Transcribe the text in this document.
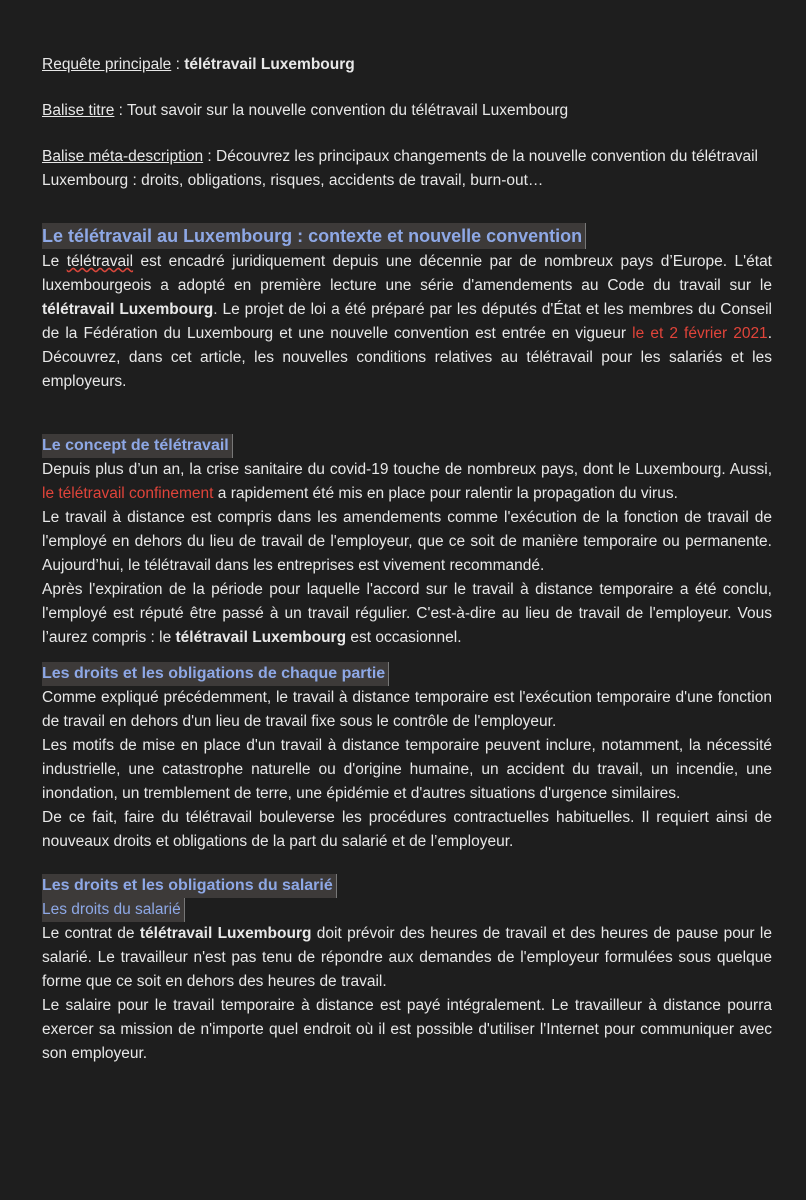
Requête principale : télétravail Luxembourg

Balise titre : Tout savoir sur la nouvelle convention du télétravail Luxembourg

Balise méta-description : Découvrez les principaux changements de la nouvelle convention du télétravail Luxembourg : droits, obligations, risques, accidents de travail, burn-out…

Le télétravail au Luxembourg : contexte et nouvelle convention

Le télétravail est encadré juridiquement depuis une décennie par de nombreux pays d’Europe. L'état luxembourgeois a adopté en première lecture une série d'amendements au Code du travail sur le télétravail Luxembourg. Le projet de loi a été préparé par les députés d'État et les membres du Conseil de la Fédération du Luxembourg et une nouvelle convention est entrée en vigueur le et 2 février 2021. Découvrez, dans cet article, les nouvelles conditions relatives au télétravail pour les salariés et les employeurs.

Le concept de télétravail

Depuis plus d’un an, la crise sanitaire du covid-19 touche de nombreux pays, dont le Luxembourg. Aussi, le télétravail confinement a rapidement été mis en place pour ralentir la propagation du virus.

Le travail à distance est compris dans les amendements comme l'exécution de la fonction de travail de l'employé en dehors du lieu de travail de l'employeur, que ce soit de manière temporaire ou permanente. Aujourd’hui, le télétravail dans les entreprises est vivement recommandé.

Après l'expiration de la période pour laquelle l'accord sur le travail à distance temporaire a été conclu, l'employé est réputé être passé à un travail régulier. C'est-à-dire au lieu de travail de l'employeur. Vous l’aurez compris : le télétravail Luxembourg est occasionnel.

Les droits et les obligations de chaque partie

Comme expliqué précédemment, le travail à distance temporaire est l'exécution temporaire d'une fonction de travail en dehors d'un lieu de travail fixe sous le contrôle de l'employeur.

Les motifs de mise en place d'un travail à distance temporaire peuvent inclure, notamment, la nécessité industrielle, une catastrophe naturelle ou d'origine humaine, un accident du travail, un incendie, une inondation, un tremblement de terre, une épidémie et d'autres situations d'urgence similaires.

De ce fait, faire du télétravail bouleverse les procédures contractuelles habituelles. Il requiert ainsi de nouveaux droits et obligations de la part du salarié et de l’employeur.

Les droits et les obligations du salarié
Les droits du salarié

Le contrat de télétravail Luxembourg doit prévoir des heures de travail et des heures de pause pour le salarié. Le travailleur n'est pas tenu de répondre aux demandes de l'employeur formulées sous quelque forme que ce soit en dehors des heures de travail.

Le salaire pour le travail temporaire à distance est payé intégralement. Le travailleur à distance pourra exercer sa mission de n'importe quel endroit où il est possible d'utiliser l'Internet pour communiquer avec son employeur.
